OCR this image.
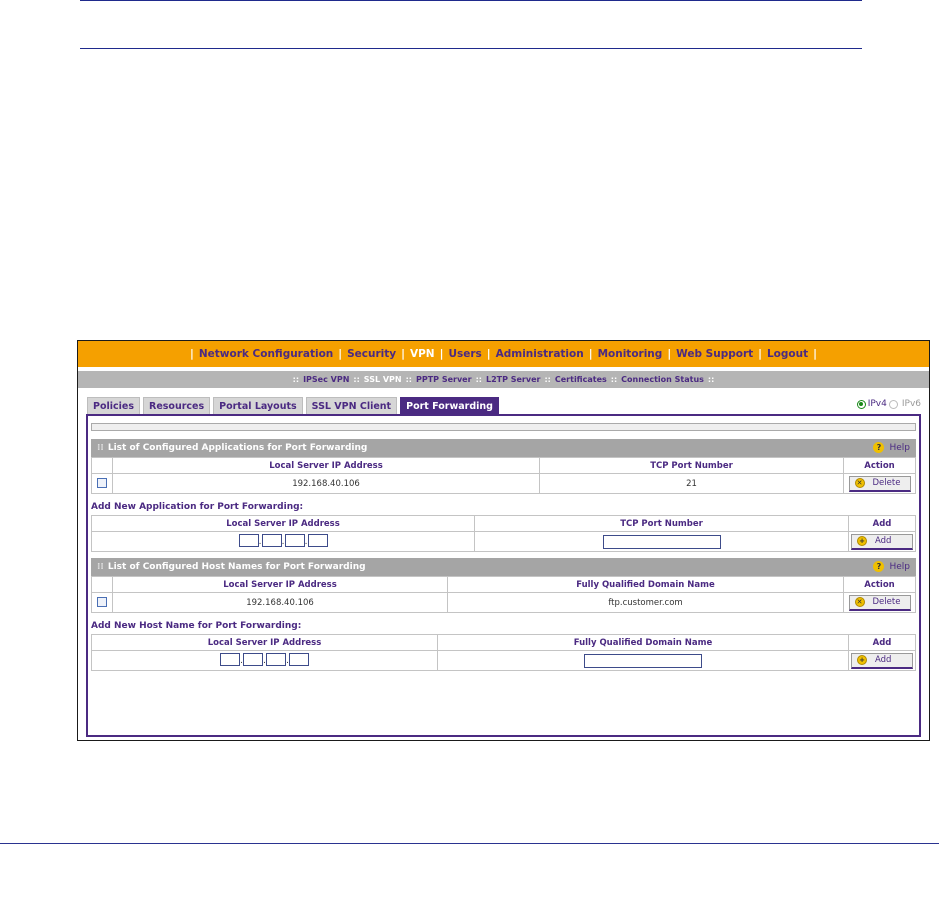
| Network Configuration | Security | VPN | Users | Administration | Monitoring | Web Support | Logout |
:: IPSec VPN :: SSL VPN :: PPTP Server :: L2TP Server :: Certificates :: Connection Status ::
Policies	Resources	Portal Layouts	SSL VPN Client	Port Forwarding	IPv4 IPv6
⁞⁞ List of Configured Applications for Port Forwarding	? Help
	Local Server IP Address	TCP Port Number	Action
	192.168.40.106	21	✕ Delete
Add New Application for Port Forwarding:
Local Server IP Address	TCP Port Number	Add

. . .		+ Add
⁞⁞ List of Configured Host Names for Port Forwarding	? Help
	Local Server IP Address	Fully Qualified Domain Name	Action
	192.168.40.106	ftp.customer.com	✕ Delete
Add New Host Name for Port Forwarding:
Local Server IP Address	Fully Qualified Domain Name	Add

. . .		+ Add
